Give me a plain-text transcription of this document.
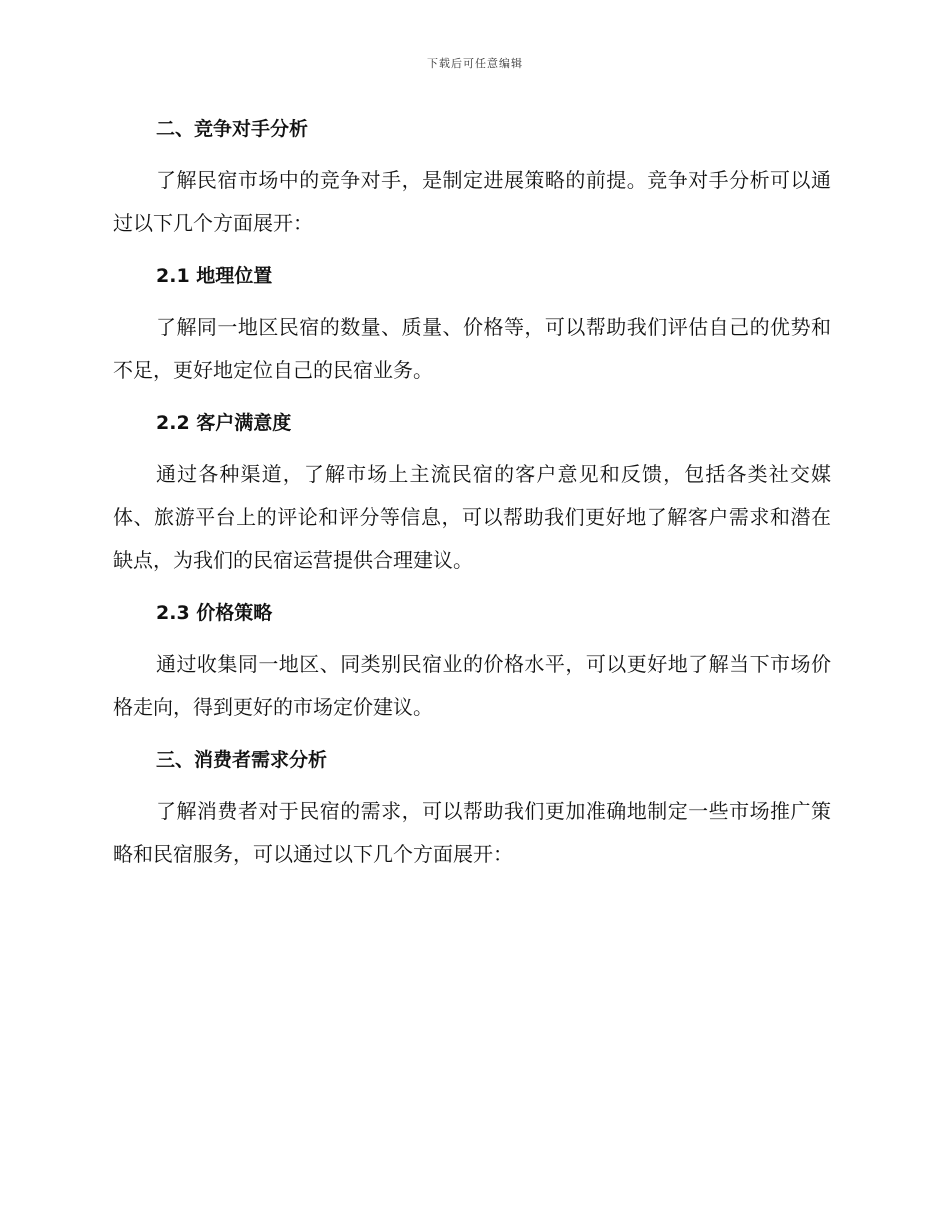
下载后可任意编辑
二、竞争对手分析

了解民宿市场中的竞争对手，是制定进展策略的前提。竞争对手分析可以通过以下几个方面展开：

2.1 地理位置

了解同一地区民宿的数量、质量、价格等，可以帮助我们评估自己的优势和不足，更好地定位自己的民宿业务。

2.2 客户满意度

通过各种渠道，了解市场上主流民宿的客户意见和反馈，包括各类社交媒体、旅游平台上的评论和评分等信息，可以帮助我们更好地了解客户需求和潜在缺点，为我们的民宿运营提供合理建议。

2.3 价格策略

通过收集同一地区、同类别民宿业的价格水平，可以更好地了解当下市场价格走向，得到更好的市场定价建议。

三、消费者需求分析

了解消费者对于民宿的需求，可以帮助我们更加准确地制定一些市场推广策略和民宿服务，可以通过以下几个方面展开：
